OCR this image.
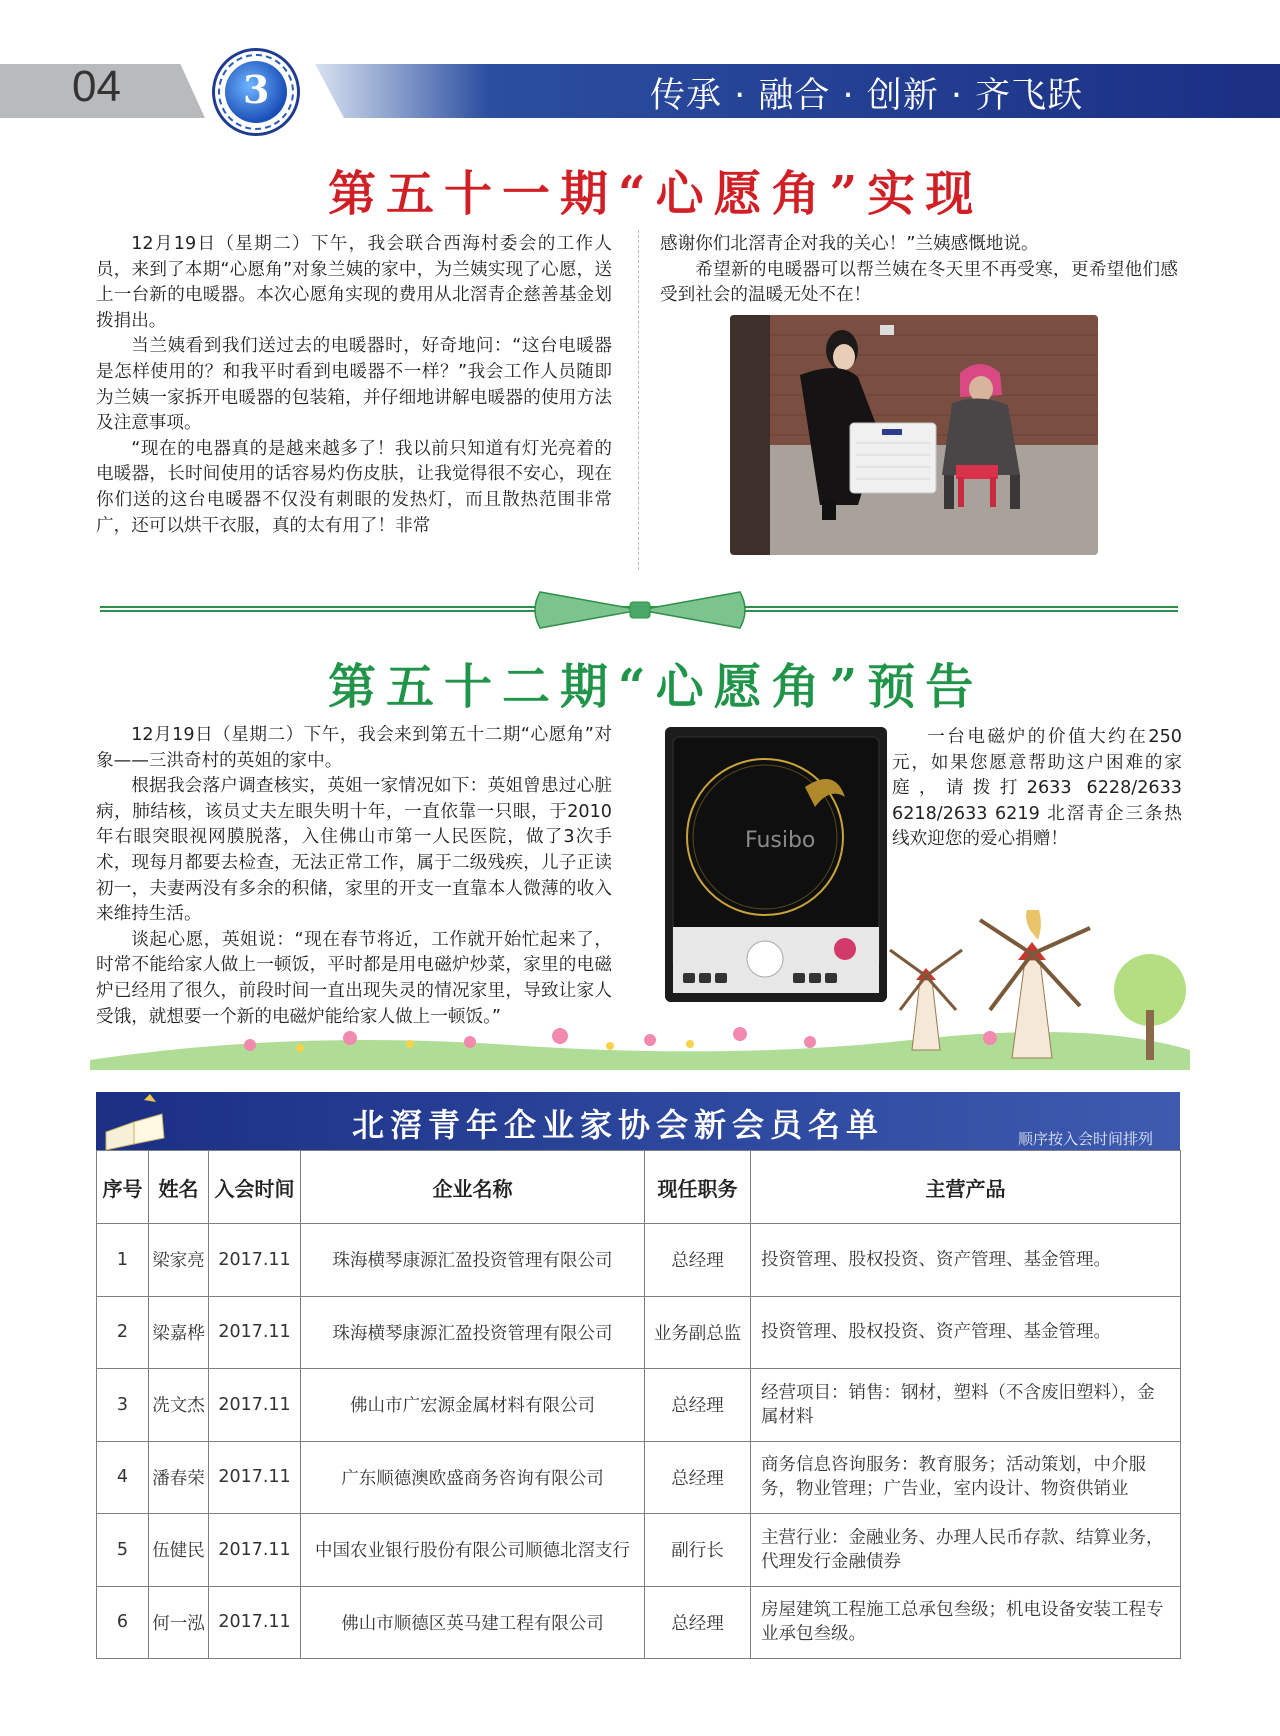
04	传承 · 融合 · 创新 · 齐飞跃
3
第五十一期“心愿角”实现

12月19日（星期二）下午，我会联合西海村委会的工作人员，来到了本期“心愿角”对象兰姨的家中，为兰姨实现了心愿，送上一台新的电暖器。本次心愿角实现的费用从北滘青企慈善基金划拨捐出。

当兰姨看到我们送过去的电暖器时，好奇地问：“这台电暖器是怎样使用的？和我平时看到电暖器不一样？”我会工作人员随即为兰姨一家拆开电暖器的包装箱，并仔细地讲解电暖器的使用方法及注意事项。

“现在的电器真的是越来越多了！我以前只知道有灯光亮着的电暖器，长时间使用的话容易灼伤皮肤，让我觉得很不安心，现在你们送的这台电暖器不仅没有刺眼的发热灯，而且散热范围非常广，还可以烘干衣服，真的太有用了！非常

感谢你们北滘青企对我的关心！”兰姨感慨地说。

希望新的电暖器可以帮兰姨在冬天里不再受寒，更希望他们感受到社会的温暖无处不在！

第五十二期“心愿角”预告

12月19日（星期二）下午，我会来到第五十二期“心愿角”对象——三洪奇村的英姐的家中。

根据我会落户调查核实，英姐一家情况如下：英姐曾患过心脏病，肺结核，该员丈夫左眼失明十年，一直依靠一只眼，于2010年右眼突眼视网膜脱落，入住佛山市第一人民医院，做了3次手术，现每月都要去检查，无法正常工作，属于二级残疾，儿子正读初一，夫妻两没有多余的积储，家里的开支一直靠本人微薄的收入来维持生活。

谈起心愿，英姐说：“现在春节将近，工作就开始忙起来了，时常不能给家人做上一顿饭，平时都是用电磁炉炒菜，家里的电磁炉已经用了很久，前段时间一直出现失灵的情况家里，导致让家人受饿，就想要一个新的电磁炉能给家人做上一顿饭。”

Fusibo

一台电磁炉的价值大约在250元，如果您愿意帮助这户困难的家庭，请拨打2633 6228/2633 6218/2633 6219 北滘青企三条热线欢迎您的爱心捐赠！

北滘青年企业家协会新会员名单	顺序按入会时间排列
序号	姓名	入会时间	企业名称	现任职务	主营产品
1	梁家亮	2017.11	珠海横琴康源汇盈投资管理有限公司	总经理	投资管理、股权投资、资产管理、基金管理。
2	梁嘉桦	2017.11	珠海横琴康源汇盈投资管理有限公司	业务副总监	投资管理、股权投资、资产管理、基金管理。
3	冼文杰	2017.11	佛山市广宏源金属材料有限公司	总经理	经营项目：销售：钢材，塑料（不含废旧塑料），金属材料
4	潘春荣	2017.11	广东顺德澳欧盛商务咨询有限公司	总经理	商务信息咨询服务：教育服务；活动策划，中介服务，物业管理；广告业，室内设计、物资供销业
5	伍健民	2017.11	中国农业银行股份有限公司顺德北滘支行	副行长	主营行业：金融业务、办理人民币存款、结算业务，代理发行金融债券
6	何一泓	2017.11	佛山市顺德区英马建工程有限公司	总经理	房屋建筑工程施工总承包叁级；机电设备安装工程专业承包叁级。
